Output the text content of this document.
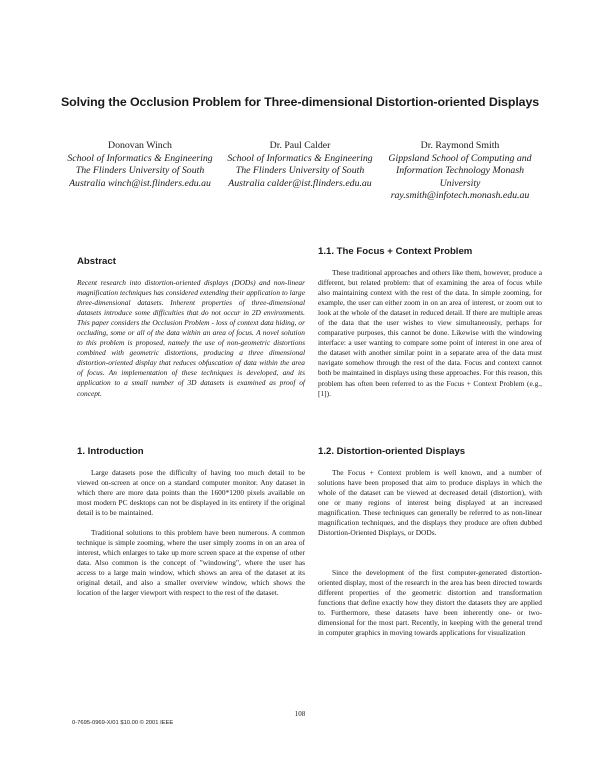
Solving the Occlusion Problem for Three-dimensional Distortion-oriented Displays
Donovan Winch
School of Informatics & Engineering The Flinders University of South Australia winch@ist.flinders.edu.au
Dr. Paul Calder
School of Informatics & Engineering The Flinders University of South Australia calder@ist.flinders.edu.au
Dr. Raymond Smith
Gippsland School of Computing and Information Technology Monash University ray.smith@infotech.monash.edu.au
Abstract

Recent research into distortion-oriented displays (DODs) and non-linear magnification techniques has considered extending their application to large three-dimensional datasets. Inherent properties of three-dimensional datasets introduce some difficulties that do not occur in 2D environments. This paper considers the Occlusion Problem - loss of context data hiding, or occluding, some or all of the data within an area of focus. A novel solution to this problem is proposed, namely the use of non-geometric distortions combined with geometric distortions, producing a three dimensional distortion-oriented display that reduces obfuscation of data within the area of focus. An implementation of these techniques is developed, and its application to a small number of 3D datasets is examined as proof of concept.

1. Introduction

Large datasets pose the difficulty of having too much detail to be viewed on-screen at once on a standard computer monitor. Any dataset in which there are more data points than the 1600*1200 pixels available on most modern PC desktops can not be displayed in its entirety if the original detail is to be maintained.

Traditional solutions to this problem have been numerous. A common technique is simple zooming, where the user simply zooms in on an area of interest, which enlarges to take up more screen space at the expense of other data. Also common is the concept of "windowing", where the user has access to a large main window, which shows an area of the dataset at its original detail, and also a smaller overview window, which shows the location of the larger viewport with respect to the rest of the dataset.

1.1. The Focus + Context Problem

These traditional approaches and others like them, however, produce a different, but related problem: that of examining the area of focus while also maintaining context with the rest of the data. In simple zooming, for example, the user can either zoom in on an area of interest, or zoom out to look at the whole of the dataset in reduced detail. If there are multiple areas of the data that the user wishes to view simultaneously, perhaps for comparative purposes, this cannot be done. Likewise with the windowing interface: a user wanting to compare some point of interest in one area of the dataset with another similar point in a separate area of the data must navigate somehow through the rest of the data. Focus and context cannot both be maintained in displays using these approaches. For this reason, this problem has often been referred to as the Focus + Context Problem (e.g., [1]).

1.2. Distortion-oriented Displays

The Focus + Context problem is well known, and a number of solutions have been proposed that aim to produce displays in which the whole of the dataset can be viewed at decreased detail (distortion), with one or many regions of interest being displayed at an increased magnification. These techniques can generally be referred to as non-linear magnification techniques, and the displays they produce are often dubbed Distortion-Oriented Displays, or DODs.

Since the development of the first computer-generated distortion-oriented display, most of the research in the area has been directed towards different properties of the geometric distortion and transformation functions that define exactly how they distort the datasets they are applied to. Furthermore, these datasets have been inherently one- or two- dimensional for the most part. Recently, in keeping with the general trend in computer graphics in moving towards applications for visualization

108
0-7695-0969-X/01 $10.00 © 2001 IEEE
